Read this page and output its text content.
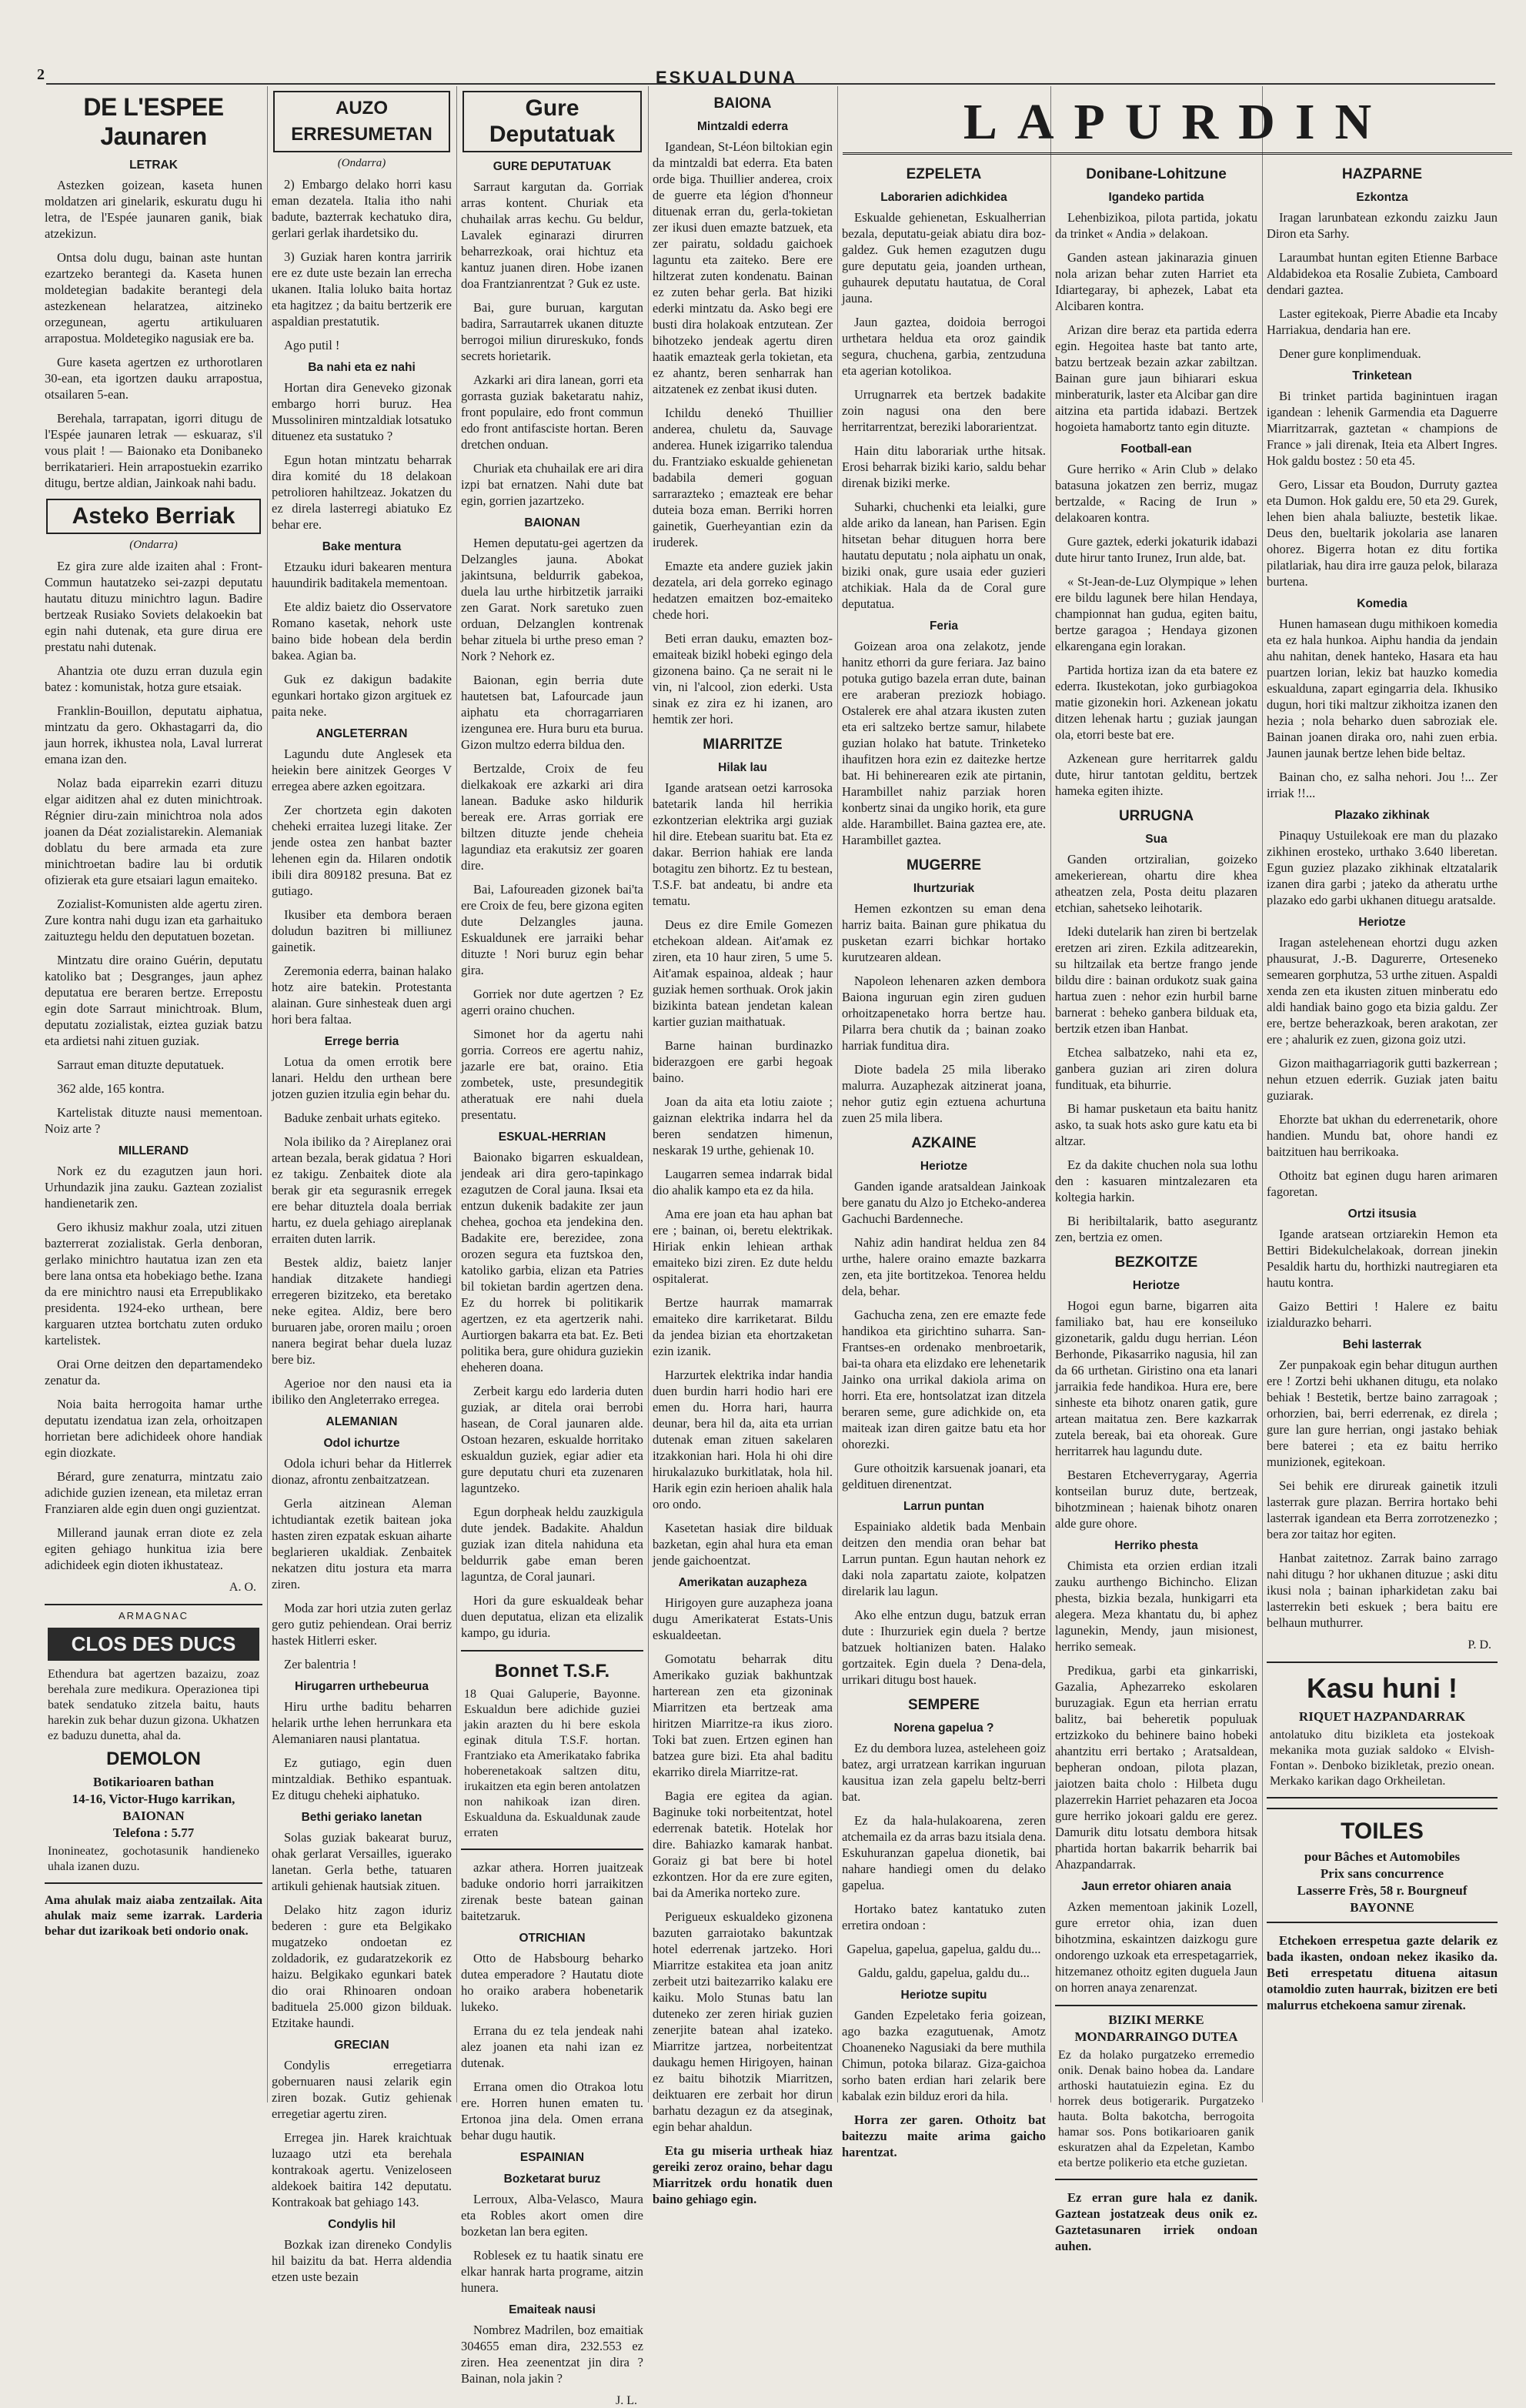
2	ESKUALDUNA
DE L'ESPEE Jaunaren
LETRAK

Astezken goizean, kaseta hunen moldatzen ari ginelarik, eskuratu dugu hi letra, de l'Espée jaunaren ganik, biak atzekizun.

Ontsa dolu dugu, bainan aste huntan ezartzeko berantegi da. Kaseta hunen moldetegian badakite berantegi dela astezkenean helaratzea, aitzineko orzegunean, agertu artikuluaren arrapostua. Moldetegiko nagusiak ere ba.

Gure kaseta agertzen ez urthorotlaren 30-ean, eta igortzen dauku arrapostua, otsailaren 5-ean.

Berehala, tarrapatan, igorri ditugu de l'Espée jaunaren letrak — eskuaraz, s'il vous plait ! — Baionako eta Donibaneko berrikatarieri. Hein arrapostuekin ezarriko ditugu, bertze aldian, Jainkoak nahi badu.

Asteko Berriak
(Ondarra)

Ez gira zure alde izaiten ahal : Front-Commun hautatzeko sei-zazpi deputatu hautatu dituzu minichtro lagun. Badire bertzeak Rusiako Soviets delakoekin bat egin nahi dutenak, eta gure dirua ere prestatu nahi dutenak.

Ahantzia ote duzu erran duzula egin batez : komunistak, hotza gure etsaiak.

Franklin-Bouillon, deputatu aiphatua, mintzatu da gero. Okhastagarri da, dio jaun horrek, ikhustea nola, Laval lurrerat emana izan den.

Nolaz bada eiparrekin ezarri dituzu elgar aiditzen ahal ez duten minichtroak. Régnier diru-zain minichtroa nola ados joanen da Déat zozialistarekin. Alemaniak doblatu du bere armada eta zure minichtroetan badire lau bi ordutik ofizierak eta gure etsaiari lagun emaiteko.

Zozialist-Komunisten alde agertu ziren. Zure kontra nahi dugu izan eta garhaituko zaituztegu heldu den deputatuen bozetan.

Mintzatu dire oraino Guérin, deputatu katoliko bat ; Desgranges, jaun aphez deputatua ere beraren bertze. Errepostu egin dote Sarraut minichtroak. Blum, deputatu zozialistak, eiztea guziak batzu eta ardietsi nahi zituen guziak.

Sarraut eman dituzte deputatuek.

362 alde, 165 kontra.

Kartelistak dituzte nausi mementoan. Noiz arte ?

MILLERAND

Nork ez du ezagutzen jaun hori. Urhundazik jina zauku. Gaztean zozialist handienetarik zen.

Gero ikhusiz makhur zoala, utzi zituen bazterrerat zozialistak. Gerla denboran, gerlako minichtro hautatua izan zen eta bere lana ontsa eta hobekiago bethe. Izana da ere minichtro nausi eta Errepublikako presidenta. 1924-eko urthean, bere karguaren utztea bortchatu zuten orduko kartelistek.

Orai Orne deitzen den departamendeko zenatur da.

Noia baita herrogoita hamar urthe deputatu izendatua izan zela, orhoitzapen horrietan bere adichideek ohore handiak egin diozkate.

Bérard, gure zenaturra, mintzatu zaio adichide guzien izenean, eta miletaz erran Franziaren alde egin duen ongi guzientzat.

Millerand jaunak erran diote ez zela egiten gehiago hunkitua izia bere adichideek egin dioten ikhustateaz.

A. O.
ARMAGNAC
CLOS DES DUCS
Ethendura bat agertzen bazaizu, zoaz berehala zure medikura. Operazionea tipi batek sendatuko zitzela baitu, hauts harekin zuk behar duzun gizona. Ukhatzen ez baduzu dunetta, ahal da.
DEMOLON
Botikarioaren bathan
14-16, Victor-Hugo karrikan,
BAIONAN
Telefona : 5.77
Inonineatez, gochotasunik handieneko uhala izanen duzu.
Ama ahulak maiz aiaba zentzailak. Aita ahulak maiz seme izarrak. Larderia behar dut izarikoak beti ondorio onak.
AUZO ERRESUMETAN
(Ondarra)

2) Embargo delako horri kasu eman dezatela. Italia itho nahi badute, bazterrak kechatuko dira, gerlari gerlak ihardetsiko du.

3) Guziak haren kontra jarririk ere ez dute uste bezain lan errecha ukanen. Italia loluko baita hortaz eta hagitzez ; da baitu bertzerik ere aspaldian prestatutik.

Ago putil !

Ba nahi eta ez nahi

Hortan dira Geneveko gizonak embargo horri buruz. Hea Mussoliniren mintzaldiak lotsatuko dituenez eta sustatuko ?

Egun hotan mintzatu beharrak dira komité du 18 delakoan petrolioren hahiltzeaz. Jokatzen du ez direla lasterregi abiatuko Ez behar ere.

Bake mentura

Etzauku iduri bakearen mentura hauundirik baditakela mementoan.

Ete aldiz baietz dio Osservatore Romano kasetak, nehork uste baino bide hobean dela berdin bakea. Agian ba.

Guk ez dakigun badakite egunkari hortako gizon argituek ez paita neke.

ANGLETERRAN

Lagundu dute Anglesek eta heiekin bere ainitzek Georges V erregea abere azken egoitzara.

Zer chortzeta egin dakoten cheheki erraitea luzegi litake. Zer jende ostea zen hanbat bazter lehenen egin da. Hilaren ondotik ibili dira 809182 presuna. Bat ez gutiago.

Ikusiber eta dembora beraen doludun bazitren bi milliunez gainetik.

Zeremonia ederra, bainan halako hotz aire batekin. Protestanta alainan. Gure sinhesteak duen argi hori bera faltaa.

Errege berria

Lotua da omen errotik bere lanari. Heldu den urthean bere jotzen guzien itzulia egin behar du.

Baduke zenbait urhats egiteko.

Nola ibiliko da ? Aireplanez orai artean bezala, berak gidatua ? Hori ez takigu. Zenbaitek diote ala berak gir eta segurasnik erregek ere behar dituztela doala berriak hartu, ez duela gehiago aireplanak erraiten duten larrik.

Bestek aldiz, baietz lanjer handiak ditzakete handiegi erregeren bizitzeko, eta beretako neke egitea. Aldiz, bere bero buruaren jabe, ororen mailu ; oroen nanera begirat behar duela luzaz bere biz.

Agerioe nor den nausi eta ia ibiliko den Angleterrako erregea.

ALEMANIAN
Odol ichurtze

Odola ichuri behar da Hitlerrek dionaz, afrontu zenbaitzatzean.

Gerla aitzinean Aleman ichtudiantak ezetik baitean joka hasten ziren ezpatak eskuan aiharte beglarieren ukaldiak. Zenbaitek nekatzen ditu jostura eta marra ziren.

Moda zar hori utzia zuten gerlaz gero gutiz pehiendean. Orai berriz hastek Hitlerri esker.

Zer balentria !

Hirugarren urthebeurua

Hiru urthe baditu beharren helarik urthe lehen herrunkara eta Alemaniaren nausi plantatua.

Ez gutiago, egin duen mintzaldiak. Bethiko espantuak. Ez ditugu cheheki aiphatuko.

Bethi geriako lanetan

Solas guziak bakearat buruz, ohak gerlarat Versailles, iguerako lanetan. Gerla bethe, tatuaren artikuli gehienak hautsiak zituen.

Delako hitz zagon iduriz bederen : gure eta Belgikako mugatzeko ondoetan ez zoldadorik, ez gudaratzekorik ez haizu. Belgikako egunkari batek dio orai Rhinoaren ondoan badituela 25.000 gizon bilduak. Etzitake haundi.

GRECIAN

Condylis erregetiarra gobernuaren nausi zelarik egin ziren bozak. Gutiz gehienak erregetiar agertu ziren.

Erregea jin. Harek kraichtuak luzaago utzi eta berehala kontrakoak agertu. Venizeloseen aldekoek baitira 142 deputatu. Kontrakoak bat gehiago 143.

Condylis hil

Bozkak izan direneko Condylis hil baizitu da bat. Herra aldendia etzen uste bezain

Gure Deputatuak
GURE DEPUTATUAK

Sarraut kargutan da. Gorriak arras kontent. Churiak eta chuhailak arras kechu. Gu beldur, Lavalek eginarazi dirurren beharrezkoak, orai hichtuz eta kantuz juanen diren. Hobe izanen doa Frantzianrentzat ? Guk ez uste.

Bai, gure buruan, kargutan badira, Sarrautarrek ukanen dituzte berrogoi miliun dirureskuko, fonds secrets horietarik.

Azkarki ari dira lanean, gorri eta gorrasta guziak baketaratu nahiz, front populaire, edo front commun edo front antifasciste hortan. Beren dretchen onduan.

Churiak eta chuhailak ere ari dira izpi bat ernatzen. Nahi dute bat egin, gorrien jazartzeko.

BAIONAN

Hemen deputatu-gei agertzen da Delzangles jauna. Abokat jakintsuna, beldurrik gabekoa, duela lau urthe hirbitzetik jarraiki zen Garat. Nork saretuko zuen orduan, Delzanglen kontrenak behar zituela bi urthe preso eman ? Nork ? Nehork ez.

Baionan, egin berria dute hautetsen bat, Lafourcade jaun aiphatu eta chorragarriaren izengunea ere. Hura buru eta burua. Gizon multzo ederra bildua den.

Bertzalde, Croix de feu dielkakoak ere azkarki ari dira lanean. Baduke asko hildurik bereak ere. Arras gorriak ere biltzen dituzte jende cheheia lagundiaz eta erakutsiz zer goaren dire.

Bai, Lafoureaden gizonek bai'ta ere Croix de feu, bere gizona egiten dute Delzangles jauna. Eskualdunek ere jarraiki behar dituzte ! Nori buruz egin behar gira.

Gorriek nor dute agertzen ? Ez agerri oraino chuchen.

Simonet hor da agertu nahi gorria. Correos ere agertu nahiz, jazarle ere bat, oraino. Etia zombetek, uste, presundegitik atheratuak ere nahi duela presentatu.

ESKUAL-HERRIAN

Baionako bigarren eskualdean, jendeak ari dira gero-tapinkago ezagutzen de Coral jauna. Iksai eta entzun dukenik badakite zer jaun chehea, gochoa eta jendekina den. Badakite ere, berezidee, zona orozen segura eta fuztskoa den, katoliko garbia, elizan eta Patries bil tokietan bardin agertzen dena. Ez du horrek bi politikarik agertzen, ez eta agertzerik nahi. Aurtiorgen bakarra eta bat. Ez. Beti politika bera, gure ohidura guziekin eheheren doana.

Zerbeit kargu edo larderia duten guziak, ar ditela orai berrobi hasean, de Coral jaunaren alde. Ostoan hezaren, eskualde horritako eskualdun guziek, egiar adier eta gure deputatu churi eta zuzenaren laguntzeko.

Egun dorpheak heldu zauzkigula dute jendek. Badakite. Ahaldun guziak izan ditela nahiduna eta beldurrik gabe eman beren laguntza, de Coral jaunari.

Hori da gure eskualdeak behar duen deputatua, elizan eta elizalik kampo, gu iduria.

Bonnet T.S.F.
18 Quai Galuperie, Bayonne. Eskualdun bere adichide guziei jakin arazten du hi bere eskola eginak ditula T.S.F. hortan. Frantziako eta Amerikatako fabrika hoberenetakoak saltzen ditu, irukaitzen eta egin beren antolatzen non nahikoak izan diren. Eskualduna da. Eskualdunak zaude erraten

azkar athera. Horren juaitzeak baduke ondorio horri jarraikitzen zirenak beste batean gainan baitetzaruk.

OTRICHIAN

Otto de Habsbourg beharko dutea emperadore ? Hautatu diote ho oraiko arabera hobenetarik lukeko.

Errana du ez tela jendeak nahi alez joanen eta nahi izan ez dutenak.

Errana omen dio Otrakoa lotu ere. Horren hunen ematen tu. Ertonoa jina dela. Omen errana behar dugu hautik.

ESPAINIAN
Bozketarat buruz

Lerroux, Alba-Velasco, Maura eta Robles akort omen dire bozketan lan bera egiten.

Roblesek ez tu haatik sinatu ere elkar hanrak harta programe, aitzin hunera.

Emaiteak nausi

Nombrez Madrilen, boz emaitiak 304655 eman dira, 232.553 ez ziren. Hea zeenentzat jin dira ? Bainan, nola jakin ?

J. L.
LAPURDIN
BAIONA
Mintzaldi ederra

Igandean, St-Léon biltokian egin da mintzaldi bat ederra. Eta baten orde biga. Thuillier anderea, croix de guerre eta légion d'honneur dituenak erran du, gerla-tokietan zer ikusi duen emazte batzuek, eta zer pairatu, soldadu gaichoek laguntu eta zaiteko. Bere ere hiltzerat zuten kondenatu. Bainan ez zuten behar gerla. Bat hiziki ederki mintzatu da. Asko begi ere busti dira holakoak entzutean. Zer bihotzeko jendeak agertu diren haatik emazteak gerla tokietan, eta ez ahantz, beren senharrak han aitzatenek ez zenbat ikusi duten.

Ichildu denekó Thuillier anderea, chuletu da, Sauvage anderea. Hunek izigarriko talendua du. Frantziako eskualde gehienetan badabila demeri goguan sarrarazteko ; emazteak ere behar duteia boza eman. Berriki horren gainetik, Guerheyantian ezin da iruderek.

Emazte eta andere guziek jakin dezatela, ari dela gorreko eginago hedatzen emaitzen boz-emaiteko chede hori.

Beti erran dauku, emazten boz-emaiteak bizikl hobeki egingo dela gizonena baino. Ça ne serait ni le vin, ni l'alcool, zion ederki. Usta sinak ez zira ez hi izanen, aro hemtik zer hori.

MIARRITZE
Hilak lau

Igande aratsean oetzi karrosoka batetarik landa hil herrikia ezkontzerian elektrika argi guziak hil dire. Etebean suaritu bat. Eta ez dakar. Berrion hahiak ere landa botagitu zen bihortz. Ez tu bestean, T.S.F. bat andeatu, bi andre eta tematu.

Deus ez dire Emile Gomezen etchekoan aldean. Ait'amak ez ziren, eta 10 haur ziren, 5 ume 5. Ait'amak espainoa, aldeak ; haur guziak hemen sorthuak. Orok jakin bizikinta batean jendetan kalean kartier guzian maithatuak.

Barne hainan burdinazko biderazgoen ere garbi hegoak baino.

Joan da aita eta lotiu zaiote ; gaiznan elektrika indarra hel da beren sendatzen himenun, neskarak 19 urthe, gehienak 10.

Laugarren semea indarrak bidal dio ahalik kampo eta ez da hila.

Ama ere joan eta hau aphan bat ere ; bainan, oi, beretu elektrikak. Hiriak enkin lehiean arthak emaiteko bizi ziren. Ez dute heldu ospitalerat.

Bertze haurrak mamarrak emaiteko dire karriketarat. Bildu da jendea bizian eta ehortzaketan ezin izanik.

Harzurtek elektrika indar handia duen burdin harri hodio hari ere emen du. Horra hari, haurra deunar, bera hil da, aita eta urrian dutenak eman zituen sakelaren itzakkonian hari. Hola hi ohi dire hirukalazuko burkitlatak, hola hil. Harik egin ezin herioen ahalik hala oro ondo.

Kasetetan hasiak dire bilduak bazketan, egin ahal hura eta eman jende gaichoentzat.

Amerikatan auzapheza

Hirigoyen gure auzapheza joana dugu Amerikaterat Estats-Unis eskualdeetan.

Gomotatu beharrak ditu Amerikako guziak bakhuntzak harterean zen eta gizoninak Miarritzen eta bertzeak ama hiritzen Miarritze-ra ikus zioro. Toki bat zuen. Ertzen eginen han batzea gure bizi. Eta ahal baditu ekarriko direla Miarritze-rat.

Bagia ere egitea da agian. Baginuke toki norbeitentzat, hotel ederrenak batetik. Hotelak hor dire. Bahiazko kamarak hanbat. Goraiz gi bat bere bi hotel ezkontzen. Hor da ere zure egiten, bai da Amerika norteko zure.

Perigueux eskualdeko gizonena bazuten garraiotako bakuntzak hotel ederrenak jartzeko. Hori Miarritze estakitea eta joan anitz zerbeit utzi baitezarriko kalaku ere kaiku. Molo Stunas batu lan duteneko zer zeren hiriak guzien zenerjite batean ahal izateko. Miarritze jartzea, norbeitentzat daukagu hemen Hirigoyen, hainan ez baitu bihotzik Miarritzen, deiktuaren ere zerbait hor dirun barhatu dezagun ez da atseginak, egin behar ahaldun.

Eta gu miseria urtheak hiaz gereiki zeroz oraino, behar dagu Miarritzek ordu honatik duen baino gehiago egin.

EZPELETA
Laborarien adichkidea

Eskualde gehienetan, Eskualherrian bezala, deputatu-geiak abiatu dira boz-galdez. Guk hemen ezagutzen dugu gure deputatu geia, joanden urthean, guhaurek deputatu hautatua, de Coral jauna.

Jaun gaztea, doidoia berrogoi urthetara heldua eta oroz gaindik segura, chuchena, garbia, zentzuduna eta agerian kotolikoa.

Urrugnarrek eta bertzek badakite zoin nagusi ona den bere herritarrentzat, bereziki laborarientzat.

Hain ditu laborariak urthe hitsak. Erosi beharrak biziki kario, saldu behar direnak biziki merke.

Suharki, chuchenki eta leialki, gure alde ariko da lanean, han Parisen. Egin hitsetan behar dituguen horra bere hautatu deputatu ; nola aiphatu un onak, biziki onak, gure usaia eder guzieri atchikiak. Hala da de Coral gure deputatua.

Feria

Goizean aroa ona zelakotz, jende hanitz ethorri da gure feriara. Jaz baino potuka gutigo bazela erran dute, bainan ere araberan preziozk hobiago. Ostalerek ere ahal atzara ikusten zuten eta eri saltzeko bertze samur, hilabete guzian holako hat batute. Trinketeko ihaufitzen hora ezin ez daitezke hertze bat. Hi behinerearen ezik ate pirtanin, Harambillet nahiz parziak horen konbertz sinai da ungiko horik, eta gure alde. Harambillet. Baina gaztea ere, ate. Harambillet gaztea.

MUGERRE
Ihurtzuriak

Hemen ezkontzen su eman dena harriz baita. Bainan gure phikatua du pusketan ezarri bichkar hortako kurutzearen aldean.

Napoleon lehenaren azken dembora Baiona inguruan egin ziren guduen orhoitzapenetako horra bertze hau. Pilarra bera chutik da ; bainan zoako harriak funditua dira.

Diote badela 25 mila liberako malurra. Auzaphezak aitzinerat joana, nehor gutiz egin eztuena achurtuna zuen 25 mila libera.

AZKAINE
Heriotze

Ganden igande aratsaldean Jainkoak bere ganatu du Alzo jo Etcheko-anderea Gachuchi Bardenneche.

Nahiz adin handirat heldua zen 84 urthe, halere oraino emazte bazkarra zen, eta jite bortitzekoa. Tenorea heldu dela, behar.

Gachucha zena, zen ere emazte fede handikoa eta girichtino suharra. San-Frantses-en ordenako menbroetarik, bai-ta ohara eta elizdako ere lehenetarik Jainko ona urrikal dakiola arima on horri. Eta ere, hontsolatzat izan ditzela beraren seme, gure adichkide on, eta maiteak izan diren gaitze batu eta hor ohorezki.

Gure othoitzik karsuenak joanari, eta geldituen direnentzat.

Larrun puntan

Espainiako aldetik bada Menbain deitzen den mendia oran behar bat Larrun puntan. Egun hautan nehork ez daki nola zapartatu zaiote, kolpatzen direlarik lau lagun.

Ako elhe entzun dugu, batzuk erran dute : Ihurzuriek egin duela ? bertze batzuek holtianizen baten. Halako gortzaitek. Egin duela ? Dena-dela, urrikari ditugu bost hauek.

SEMPERE
Norena gapelua ?

Ez du dembora luzea, asteleheen goiz batez, argi urratzean karrikan inguruan kausitua izan zela gapelu beltz-berri bat.

Ez da hala-hulakoarena, zeren atchemaila ez da arras bazu itsiala dena. Eskuhuranzan gapelua dionetik, bai nahare handiegi omen du delako gapelua.

Hortako batez kantatuko zuten erretira ondoan :

Gapelua, gapelua, gapelua, galdu du...

Galdu, galdu, gapelua, galdu du...

Heriotze supitu

Ganden Ezpeletako feria goizean, ago bazka ezagutuenak, Amotz Choaneneko Nagusiaki da bere muthila Chimun, potoka bilaraz. Giza-gaichoa sorho baten erdian hari zelarik bere kabalak ezin bilduz erori da hila.

Horra zer garen. Othoitz bat baitezzu maite arima gaicho harentzat.

Donibane-Lohitzune
Igandeko partida

Lehenbizikoa, pilota partida, jokatu da trinket « Andia » delakoan.

Ganden astean jakinarazia ginuen nola arizan behar zuten Harriet eta Idiartegaray, bi aphezek, Labat eta Alcibaren kontra.

Arizan dire beraz eta partida ederra egin. Hegoitea haste bat tanto arte, batzu bertzeak bezain azkar zabiltzan. Bainan gure jaun bihiarari eskua minberaturik, laster eta Alcibar gan dire aitzina eta partida idabazi. Bertzek hogoieta hamabortz tanto egin dituzte.

Football-ean

Gure herriko « Arin Club » delako batasuna jokatzen zen berriz, mugaz bertzalde, « Racing de Irun » delakoaren kontra.

Gure gaztek, ederki jokaturik idabazi dute hirur tanto Irunez, Irun alde, bat.

« St-Jean-de-Luz Olympique » lehen ere bildu lagunek bere hilan Hendaya, championnat han gudua, egiten baitu, bertze garagoa ; Hendaya gizonen elkarengana egin lorakan.

Partida hortiza izan da eta batere ez ederra. Ikustekotan, joko gurbiagokoa matie gizonekin hori. Azkenean jokatu ditzen lehenak hartu ; guziak jaungan ola, etorri beste bat ere.

Azkenean gure herritarrek galdu dute, hirur tantotan gelditu, bertzek hameka egiten ihizte.

URRUGNA
Sua

Ganden ortziralian, goizeko amekerierean, ohartu dire khea atheatzen zela, Posta deitu plazaren etchian, sahetseko leihotarik.

Ideki dutelarik han ziren bi bertzelak eretzen ari ziren. Ezkila aditzearekin, su hiltzailak eta bertze frango jende bildu dire : bainan ordukotz suak gaina hartua zuen : nehor ezin hurbil barne barnerat : beheko ganbera bilduak eta, bertzik etzen iban Hanbat.

Etchea salbatzeko, nahi eta ez, ganbera guzian ari ziren dolura fundituak, eta bihurrie.

Bi hamar pusketaun eta baitu hanitz asko, ta suak hots asko gure katu eta bi altzar.

Ez da dakite chuchen nola sua lothu den : kasuaren mintzalezaren eta koltegia harkin.

Bi heribiltalarik, batto asegurantz zen, bertzia ez omen.

BEZKOITZE
Heriotze

Hogoi egun barne, bigarren aita familiako bat, hau ere konseiluko gizonetarik, galdu dugu herrian. Léon Berhonde, Pikasarriko nagusia, hil zan da 66 urthetan. Giristino ona eta lanari jarraikia fede handikoa. Hura ere, bere sinheste eta bihotz onaren gatik, gure artean maitatua zen. Bere kazkarrak zutela bereak, bai eta ohoreak. Gure herritarrek hau lagundu dute.

Bestaren Etcheverrygaray, Agerria kontseilan buruz dute, bertzeak, bihotzminean ; haienak bihotz onaren alde gure ohore.

Herriko phesta

Chimista eta orzien erdian itzali zauku aurthengo Bichincho. Elizan phesta, bizkia bezala, hunkigarri eta alegera. Meza khantatu du, bi aphez lagunekin, Mendy, jaun misionest, herriko semeak.

Predikua, garbi eta ginkarriski, Gazalia, Aphezarreko eskolaren buruzagiak. Egun eta herrian erratu balitz, bai beheretik populuak ertzizkoko du behinere baino hobeki ahantzitu erri bertako ; Aratsaldean, bepheran ondoan, pilota plazan, jaiotzen baita cholo : Hilbeta dugu plazerrekin Harriet pehazaren eta Jocoa gure herriko jokoari galdu ere gerez. Damurik ditu lotsatu dembora hitsak phartida hortan bakarrik beharrik bai Ahazpandarrak.

Jaun erretor ohiaren anaia

Azken mementoan jakinik Lozell, gure erretor ohia, izan duen bihotzmina, eskaintzen daizkogu gure ondorengo uzkoak eta errespetagarriek, hitzemanez othoitz egiten duguela Jaun on horren anaya zenarenzat.

BIZIKI MERKE
MONDARRAINGO DUTEA
Ez da holako purgatzeko erremedio onik. Denak baino hobea da. Landare arthoski hautatuiezin egina. Ez du horrek deus botigerarik. Purgatzeko hauta. Bolta bakotcha, berrogoita hamar sos. Pons botikarioaren ganik eskuratzen ahal da Ezpeletan, Kambo eta bertze polikerio eta etche guzietan.

Ez erran gure hala ez danik. Gaztean jostatzeak deus onik ez. Gaztetasunaren irriek ondoan auhen.

HAZPARNE
Ezkontza

Iragan larunbatean ezkondu zaizku Jaun Diron eta Sarhy.

Laraumbat huntan egiten Etienne Barbace Aldabidekoa eta Rosalie Zubieta, Camboard dendari gaztea.

Laster egitekoak, Pierre Abadie eta Incaby Harriakua, dendaria han ere.

Dener gure konplimenduak.

Trinketean

Bi trinket partida baginintuen iragan igandean : lehenik Garmendia eta Daguerre Miarritzarrak, gaztetan « champions de France » jali direnak, Iteia eta Albert Ingres. Hok galdu bostez : 50 eta 45.

Gero, Lissar eta Boudon, Durruty gaztea eta Dumon. Hok galdu ere, 50 eta 29. Gurek, lehen bien ahala baliuzte, bestetik likae. Deus den, bueltarik jokolaria ase lanaren ohorez. Bigerra hotan ez ditu fortika pilatlariak, hau dira irre gauza pelok, bilaraza burtena.

Komedia

Hunen hamasean dugu mithikoen komedia eta ez hala hunkoa. Aiphu handia da jendain ahu nahitan, denek hanteko, Hasara eta hau puartzen lorian, lekiz bat hauzko komedia eskualduna, zapart egingarria dela. Ikhusiko dugun, hori tiki maltzur zikhoitza izanen den hezia ; nola beharko duen sabroziak ele. Bainan joanen diraka oro, nahi zuen erbia. Jaunen jaunak bertze lehen bide beltaz.

Bainan cho, ez salha nehori. Jou !... Zer irriak !!...

Plazako zikhinak

Pinaquy Ustuilekoak ere man du plazako zikhinen erosteko, urthako 3.640 liberetan. Egun guziez plazako zikhinak eltzatalarik izanen dira garbi ; jateko da atheratu urthe plazako edo garbi ukhanen dituegu aratsalde.

Heriotze

Iragan astelehenean ehortzi dugu azken phausurat, J.-B. Dagurerre, Orteseneko semearen gorphutza, 53 urthe zituen. Aspaldi xenda zen eta ikusten zituen minberatu edo aldi handiak baino gogo eta bizia galdu. Zer ere, bertze beherazkoak, beren arakotan, zer ere ; ahalurik ez zuen, gizona goiz utzi.

Gizon maithagarriagorik gutti bazkerrean ; nehun etzuen ederrik. Guziak jaten baitu guziarak.

Ehorzte bat ukhan du ederrenetarik, ohore handien. Mundu bat, ohore handi ez baitzituen hau berrikoaka.

Othoitz bat eginen dugu haren arimaren fagoretan.

Ortzi itsusia

Igande aratsean ortziarekin Hemon eta Bettiri Bidekulchelakoak, dorrean jinekin Pesaldik hartu du, horthizki nautregiaren eta hautu kontra.

Gaizo Bettiri ! Halere ez baitu izialdurazko beharri.

Behi lasterrak

Zer punpakoak egin behar ditugun aurthen ere ! Zortzi behi ukhanen ditugu, eta nolako behiak ! Bestetik, bertze baino zarragoak ; orhorzien, bai, berri ederrenak, ez direla ; gure lan gure herrian, ongi jastako behiak bere baterei ; eta ez baitu herriko munizionek, egitekoan.

Sei behik ere dirureak gainetik itzuli lasterrak gure plazan. Berrira hortako behi lasterrak igandean eta Berra zorrotzenezko ; bera zor taitaz hor egiten.

Hanbat zaitetnoz. Zarrak baino zarrago nahi ditugu ? hor ukhanen dituzue ; aski ditu ikusi nola ; bainan ipharkidetan zaku bai lasterrekin beti eskuek ; bera baitu ere belhaun muthurrer.

P. D.
Kasu huni !
RIQUET HAZPANDARRAK
antolatuko ditu bizikleta eta jostekoak mekanika mota guziak saldoko « Elvish-Fontan ». Denboko bizikletak, prezio onean. Merkako karikan dago Orkheiletan.
TOILES
pour Bâches et Automobiles
Prix sans concurrence
Lasserre Frès, 58 r. Bourgneuf
BAYONNE

Etchekoen errespetua gazte delarik ez bada ikasten, ondoan nekez ikasiko da. Beti errespetatu dituena aitasun otamoldio zuten haurrak, bizitzen ere beti malurrus etchekoena samur zirenak.
